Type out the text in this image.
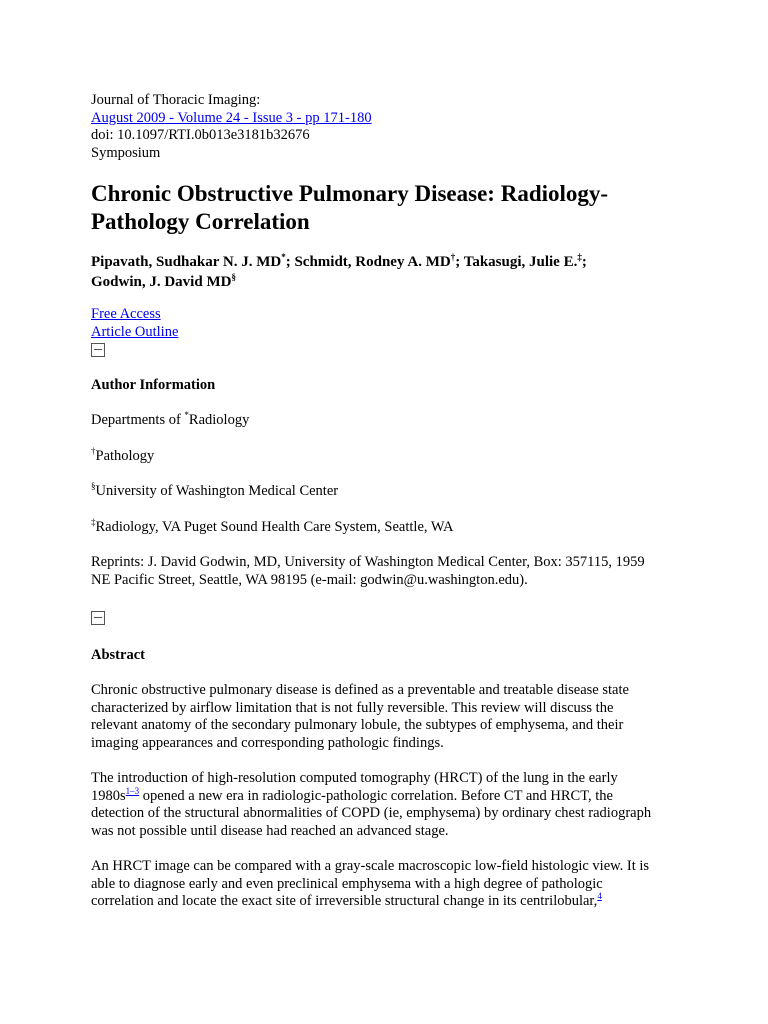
Journal of Thoracic Imaging:
August 2009 - Volume 24 - Issue 3 - pp 171-180
doi: 10.1097/RTI.0b013e3181b32676
Symposium
Chronic Obstructive Pulmonary Disease: Radiology-
Pathology Correlation
Pipavath, Sudhakar N. J. MD*; Schmidt, Rodney A. MD†; Takasugi, Julie E.‡;
Godwin, J. David MD§
Free Access
Article Outline
Author Information
Departments of *Radiology
†Pathology
§University of Washington Medical Center
‡Radiology, VA Puget Sound Health Care System, Seattle, WA
Reprints: J. David Godwin, MD, University of Washington Medical Center, Box: 357115, 1959
NE Pacific Street, Seattle, WA 98195 (e-mail: godwin@u.washington.edu).
Abstract
Chronic obstructive pulmonary disease is defined as a preventable and treatable disease state
characterized by airflow limitation that is not fully reversible. This review will discuss the
relevant anatomy of the secondary pulmonary lobule, the subtypes of emphysema, and their
imaging appearances and corresponding pathologic findings.
The introduction of high-resolution computed tomography (HRCT) of the lung in the early
1980s$^{1-3}$ opened a new era in radiologic-pathologic correlation. Before CT and HRCT, the
detection of the structural abnormalities of COPD (ie, emphysema) by ordinary chest radiograph
was not possible until disease had reached an advanced stage.
An HRCT image can be compared with a gray-scale macroscopic low-field histologic view. It is
able to diagnose early and even preclinical emphysema with a high degree of pathologic
correlation and locate the exact site of irreversible structural change in its centrilobular,$^4$
